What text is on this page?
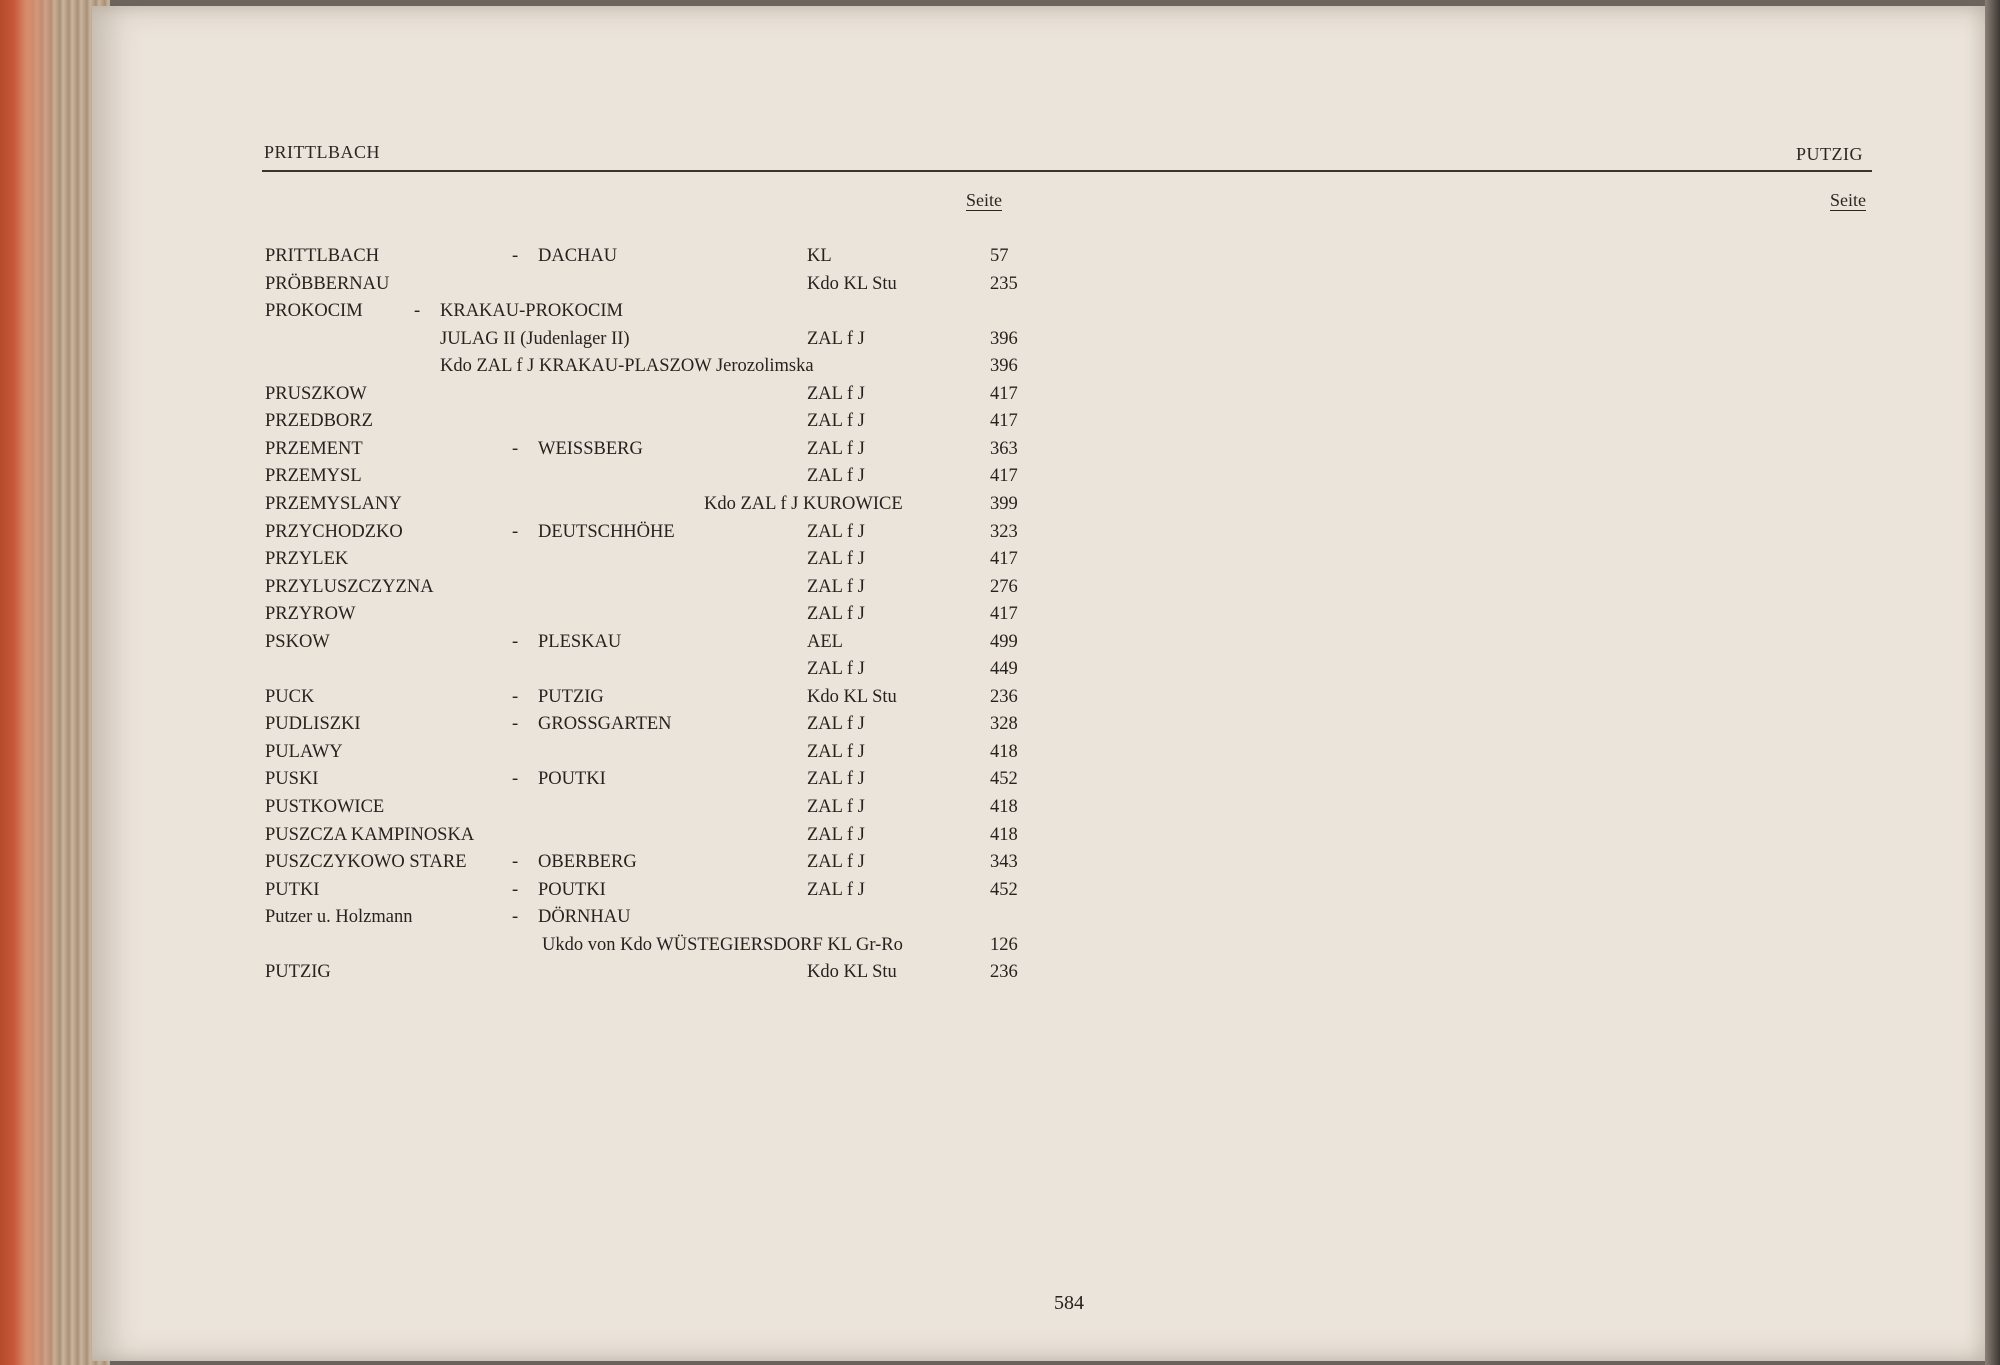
PRITTLBACH	PUTZIG
Seite	Seite
PRITTLBACH	- DACHAU	KL	57
PRÖBBERNAU	Kdo KL Stu	235
PROKOCIM	- KRAKAU-PROKOCIM
JULAG II (Judenlager II)	ZAL f J	396
Kdo ZAL f J KRAKAU-PLASZOW Jerozolimska	396
PRUSZKOW	ZAL f J	417
PRZEDBORZ	ZAL f J	417
PRZEMENT	- WEISSBERG	ZAL f J	363
PRZEMYSL	ZAL f J	417
PRZEMYSLANY	Kdo ZAL f J KUROWICE	399
PRZYCHODZKO	- DEUTSCHHÖHE	ZAL f J	323
PRZYLEK	ZAL f J	417
PRZYLUSZCZYZNA	ZAL f J	276
PRZYROW	ZAL f J	417
PSKOW	- PLESKAU	AEL	499
ZAL f J	449
PUCK	- PUTZIG	Kdo KL Stu	236
PUDLISZKI	- GROSSGARTEN	ZAL f J	328
PULAWY	ZAL f J	418
PUSKI	- POUTKI	ZAL f J	452
PUSTKOWICE	ZAL f J	418
PUSZCZA KAMPINOSKA	ZAL f J	418
PUSZCZYKOWO STARE - OBERBERG	ZAL f J	343
PUTKI	- POUTKI	ZAL f J	452
Putzer u. Holzmann	- DÖRNHAU
Ukdo von Kdo WÜSTEGIERSDORF KL Gr-Ro	126
PUTZIG	Kdo KL Stu	236
584
